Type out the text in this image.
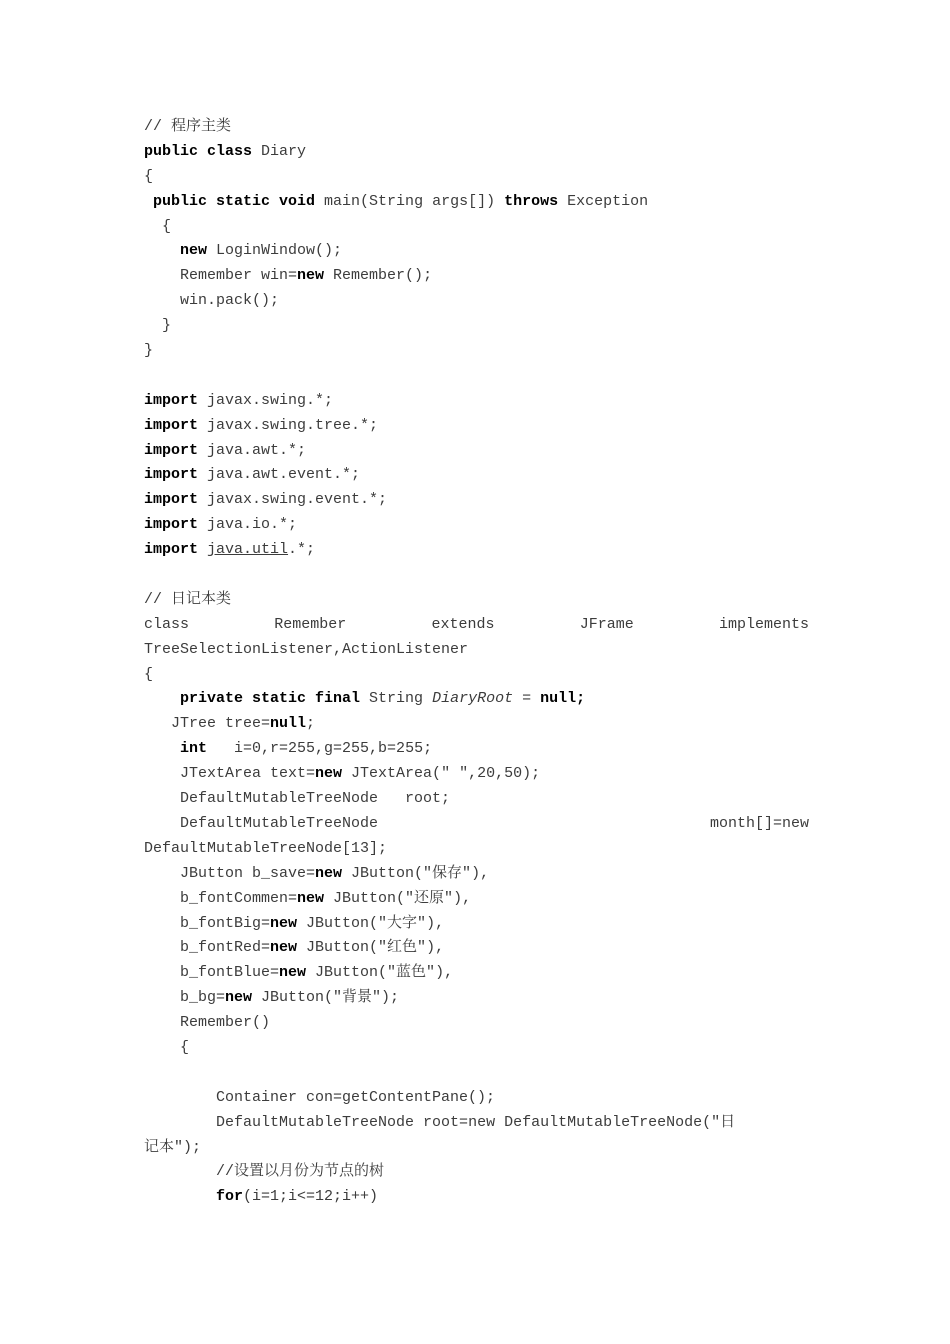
// 程序主类
public class Diary
{
public static void main(String args[]) throws Exception
{
new LoginWindow();
Remember win=new Remember();
win.pack();
}
}
import javax.swing.*;
import javax.swing.tree.*;
import java.awt.*;
import java.awt.event.*;
import javax.swing.event.*;
import java.io.*;
import java.util.*;
// 日记本类
class	Remember	extends	JFrame	implements
TreeSelectionListener,ActionListener
{
private static final String DiaryRoot = null;
JTree tree=null;
int   i=0,r=255,g=255,b=255;
JTextArea text=new JTextArea(" ",20,50);
DefaultMutableTreeNode   root;
DefaultMutableTreeNode	month[]=new
DefaultMutableTreeNode[13];
JButton b_save=new JButton("保存"),
b_fontCommen=new JButton("还原"),
b_fontBig=new JButton("大字"),
b_fontRed=new JButton("红色"),
b_fontBlue=new JButton("蓝色"),
b_bg=new JButton("背景");
Remember()
{
Container con=getContentPane();
DefaultMutableTreeNode root=new DefaultMutableTreeNode("日
记本");
//设置以月份为节点的树
for(i=1;i<=12;i++)
